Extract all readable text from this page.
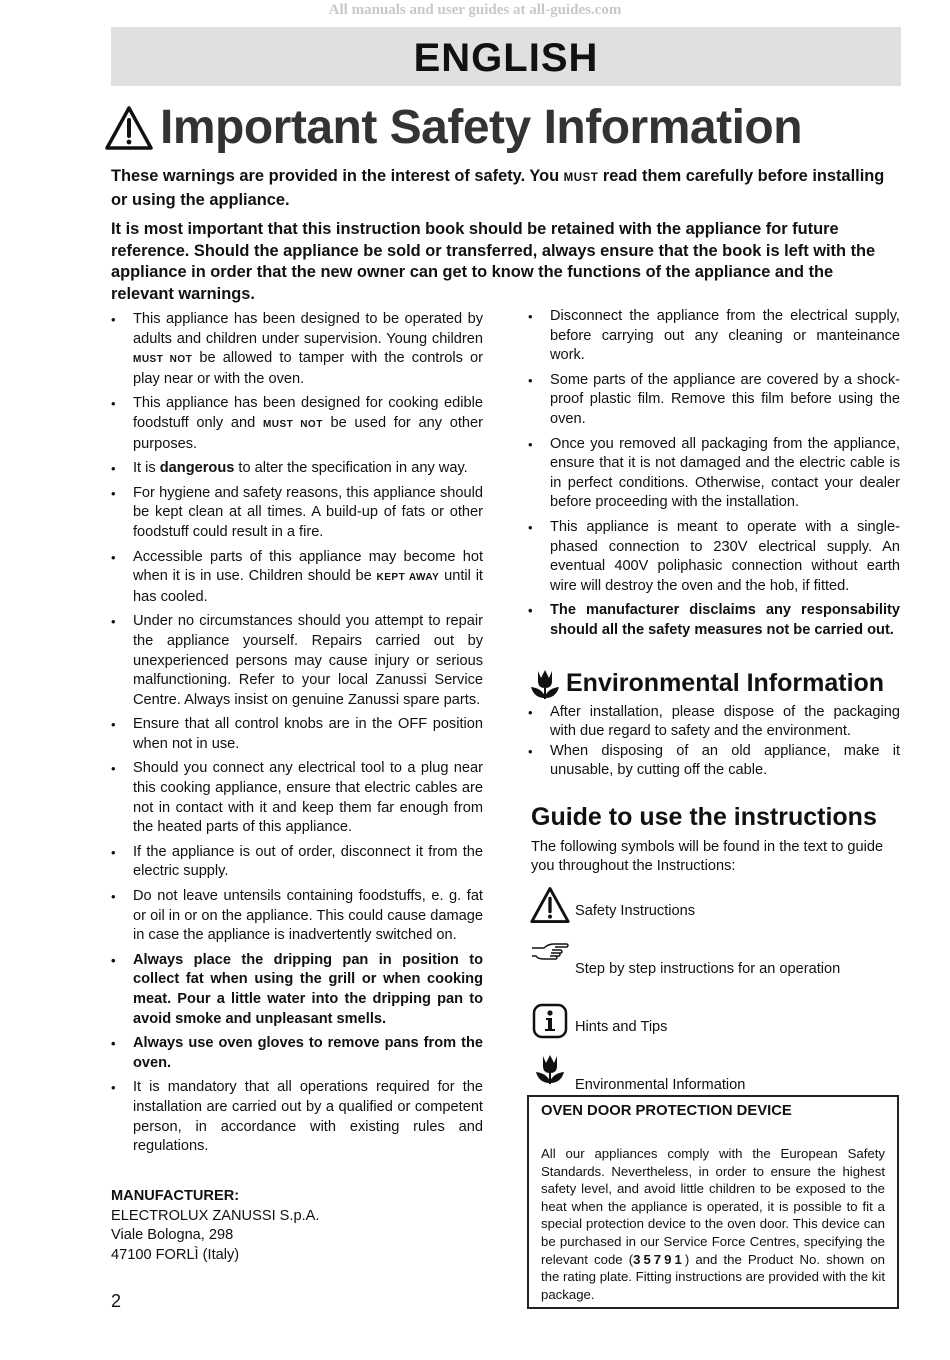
All manuals and user guides at all-guides.com
ENGLISH
Important Safety Information

These warnings are provided in the interest of safety. You MUST read them carefully before installing or using the appliance.

It is most important that this instruction book should be retained with the appliance for future reference. Should the appliance be sold or transferred, always ensure that the book is left with the appliance in order that the new owner can get to know the functions of the appliance and the relevant warnings.

• This appliance has been designed to be operated by adults and children under supervision. Young children MUST NOT be allowed to tamper with the controls or play near or with the oven.
• This appliance has been designed for cooking edible foodstuff only and MUST NOT be used for any other purposes.
• It is dangerous to alter the specification in any way.
• For hygiene and safety reasons, this appliance should be kept clean at all times. A build-up of fats or other foodstuff could result in a fire.
• Accessible parts of this appliance may become hot when it is in use. Children should be KEPT AWAY until it has cooled.
• Under no circumstances should you attempt to repair the appliance yourself. Repairs carried out by unexperienced persons may cause injury or serious malfunctioning. Refer to your local Zanussi Service Centre. Always insist on genuine Zanussi spare parts.
• Ensure that all control knobs are in the OFF position when not in use.
• Should you connect any electrical tool to a plug near this cooking appliance, ensure that electric cables are not in contact with it and keep them far enough from the heated parts of this appliance.
• If the appliance is out of order, disconnect it from the electric supply.
• Do not leave untensils containing foodstuffs, e. g. fat or oil in or on the appliance. This could cause damage in case the appliance is inadvertently switched on.
• Always place the dripping pan in position to collect fat when using the grill or when cooking meat. Pour a little water into the dripping pan to avoid smoke and unpleasant smells.
• Always use oven gloves to remove pans from the oven.
• It is mandatory that all operations required for the installation are carried out by a qualified or competent person, in accordance with existing rules and regulations.
• Disconnect the appliance from the electrical supply, before carrying out any cleaning or manteinance work.
• Some parts of the appliance are covered by a shock-proof plastic film. Remove this film before using the oven.
• Once you removed all packaging from the appliance, ensure that it is not damaged and the electric cable is in perfect conditions. Otherwise, contact your dealer before proceeding with the installation.
• This appliance is meant to operate with a single-phased connection to 230V electrical supply. An eventual 400V poliphasic connection without earth wire will destroy the oven and the hob, if fitted.
• The manufacturer disclaims any responsability should all the safety measures not be carried out.
Environmental Information
• After installation, please dispose of the packaging with due regard to safety and the environment.
• When disposing of an old appliance, make it unusable, by cutting off the cable.
Guide to use the instructions

The following symbols will be found in the text to guide you throughout the Instructions:

Safety Instructions
Step by step instructions for an operation
Hints and Tips
Environmental Information
OVEN DOOR PROTECTION DEVICE

All our appliances comply with the European Safety Standards. Nevertheless, in order to ensure the highest safety level, and avoid little children to be exposed to the heat when the appliance is operated, it is possible to fit a special protection device to the oven door. This device can be purchased in our Service Force Centres, specifying the relevant code (35791) and the Product No. shown on the rating plate. Fitting instructions are provided with the kit package.

MANUFACTURER:
ELECTROLUX ZANUSSI S.p.A.
Viale Bologna, 298
47100 FORLÌ (Italy)
2
